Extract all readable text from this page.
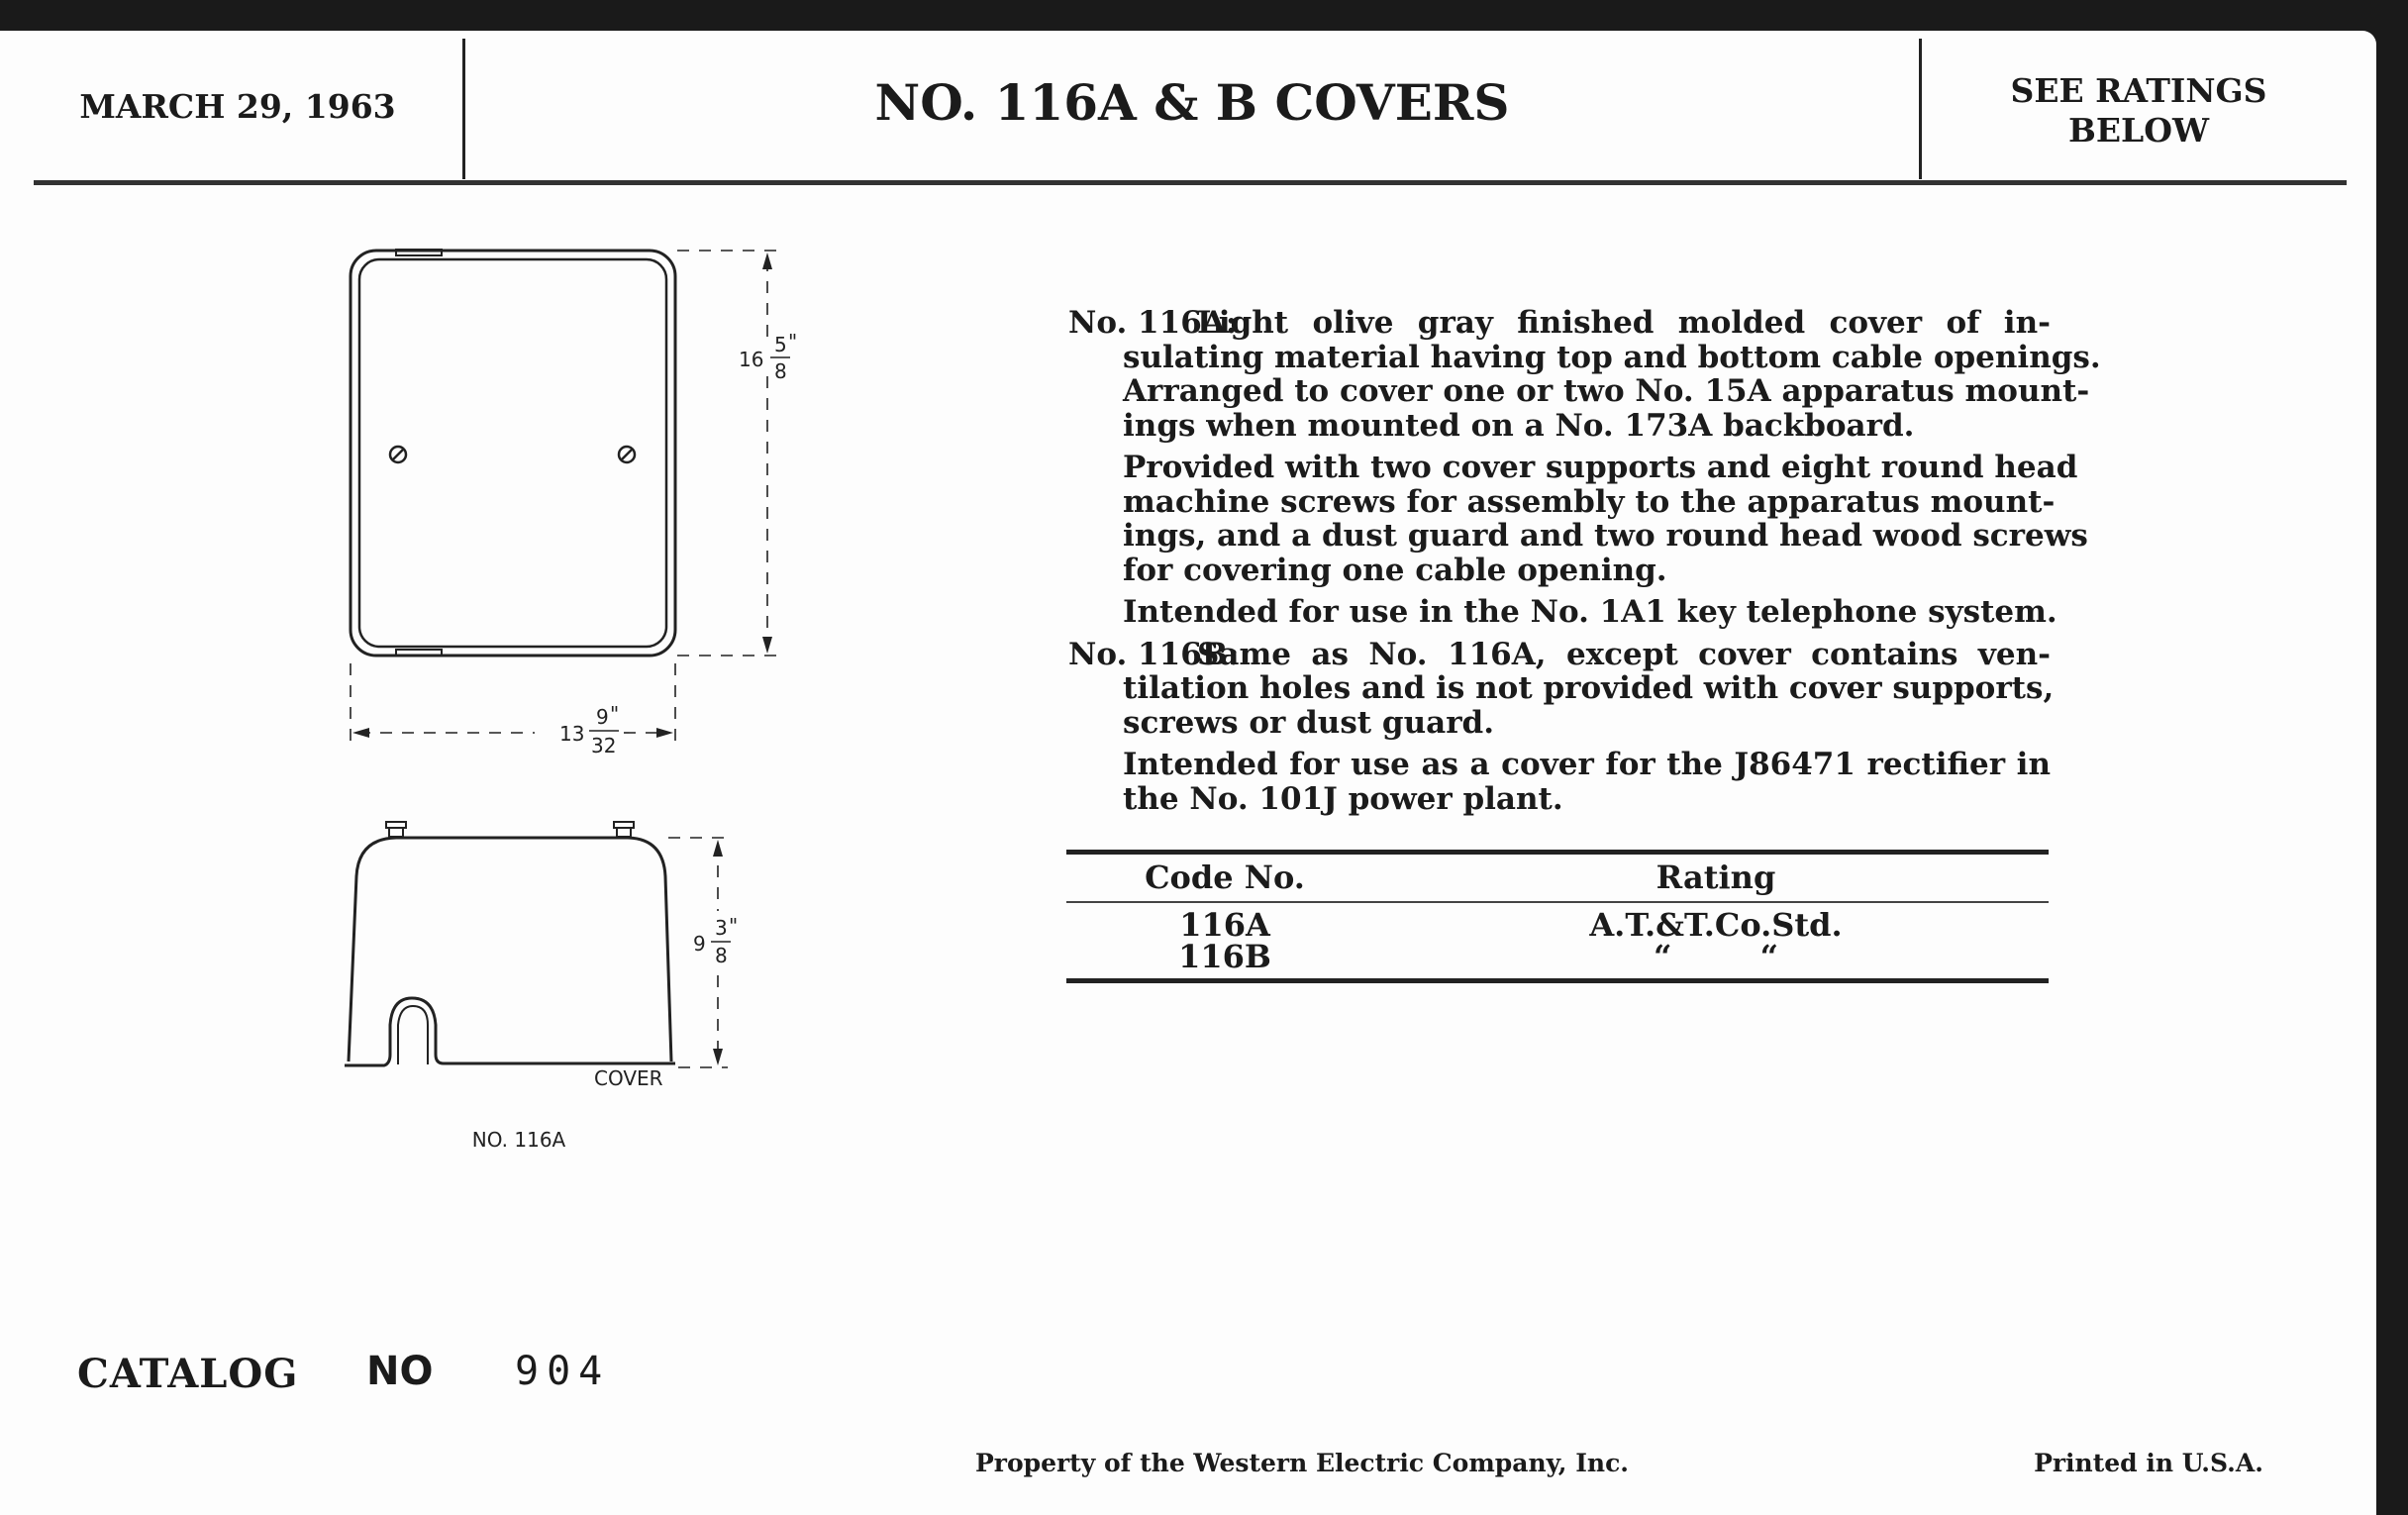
MARCH 29, 1963	NO. 116A & B COVERS	SEE RATINGS
BELOW
16
5
8
"
13
9
32
"
9
3
8
"
COVER
NO. 116A
No. 116A:
Light olive gray finished molded cover of in-
sulating material having top and bottom cable openings.
Arranged to cover one or two No. 15A apparatus mount-
ings when mounted on a No. 173A backboard.
Provided with two cover supports and eight round head
machine screws for assembly to the apparatus mount-
ings, and a dust guard and two round head wood screws
for covering one cable opening.
Intended for use in the No. 1A1 key telephone system.
No. 116B:
Same as No. 116A, except cover contains ven-
tilation holes and is not provided with cover supports,
screws or dust guard.
Intended for use as a cover for the J86471 rectifier in
the No. 101J power plant.
Code No.	Rating
116A	A.T.&T.Co.Std.
116B	“        “
CATALOG NO 904
Property of the Western Electric Company, Inc.	Printed in U.S.A.
